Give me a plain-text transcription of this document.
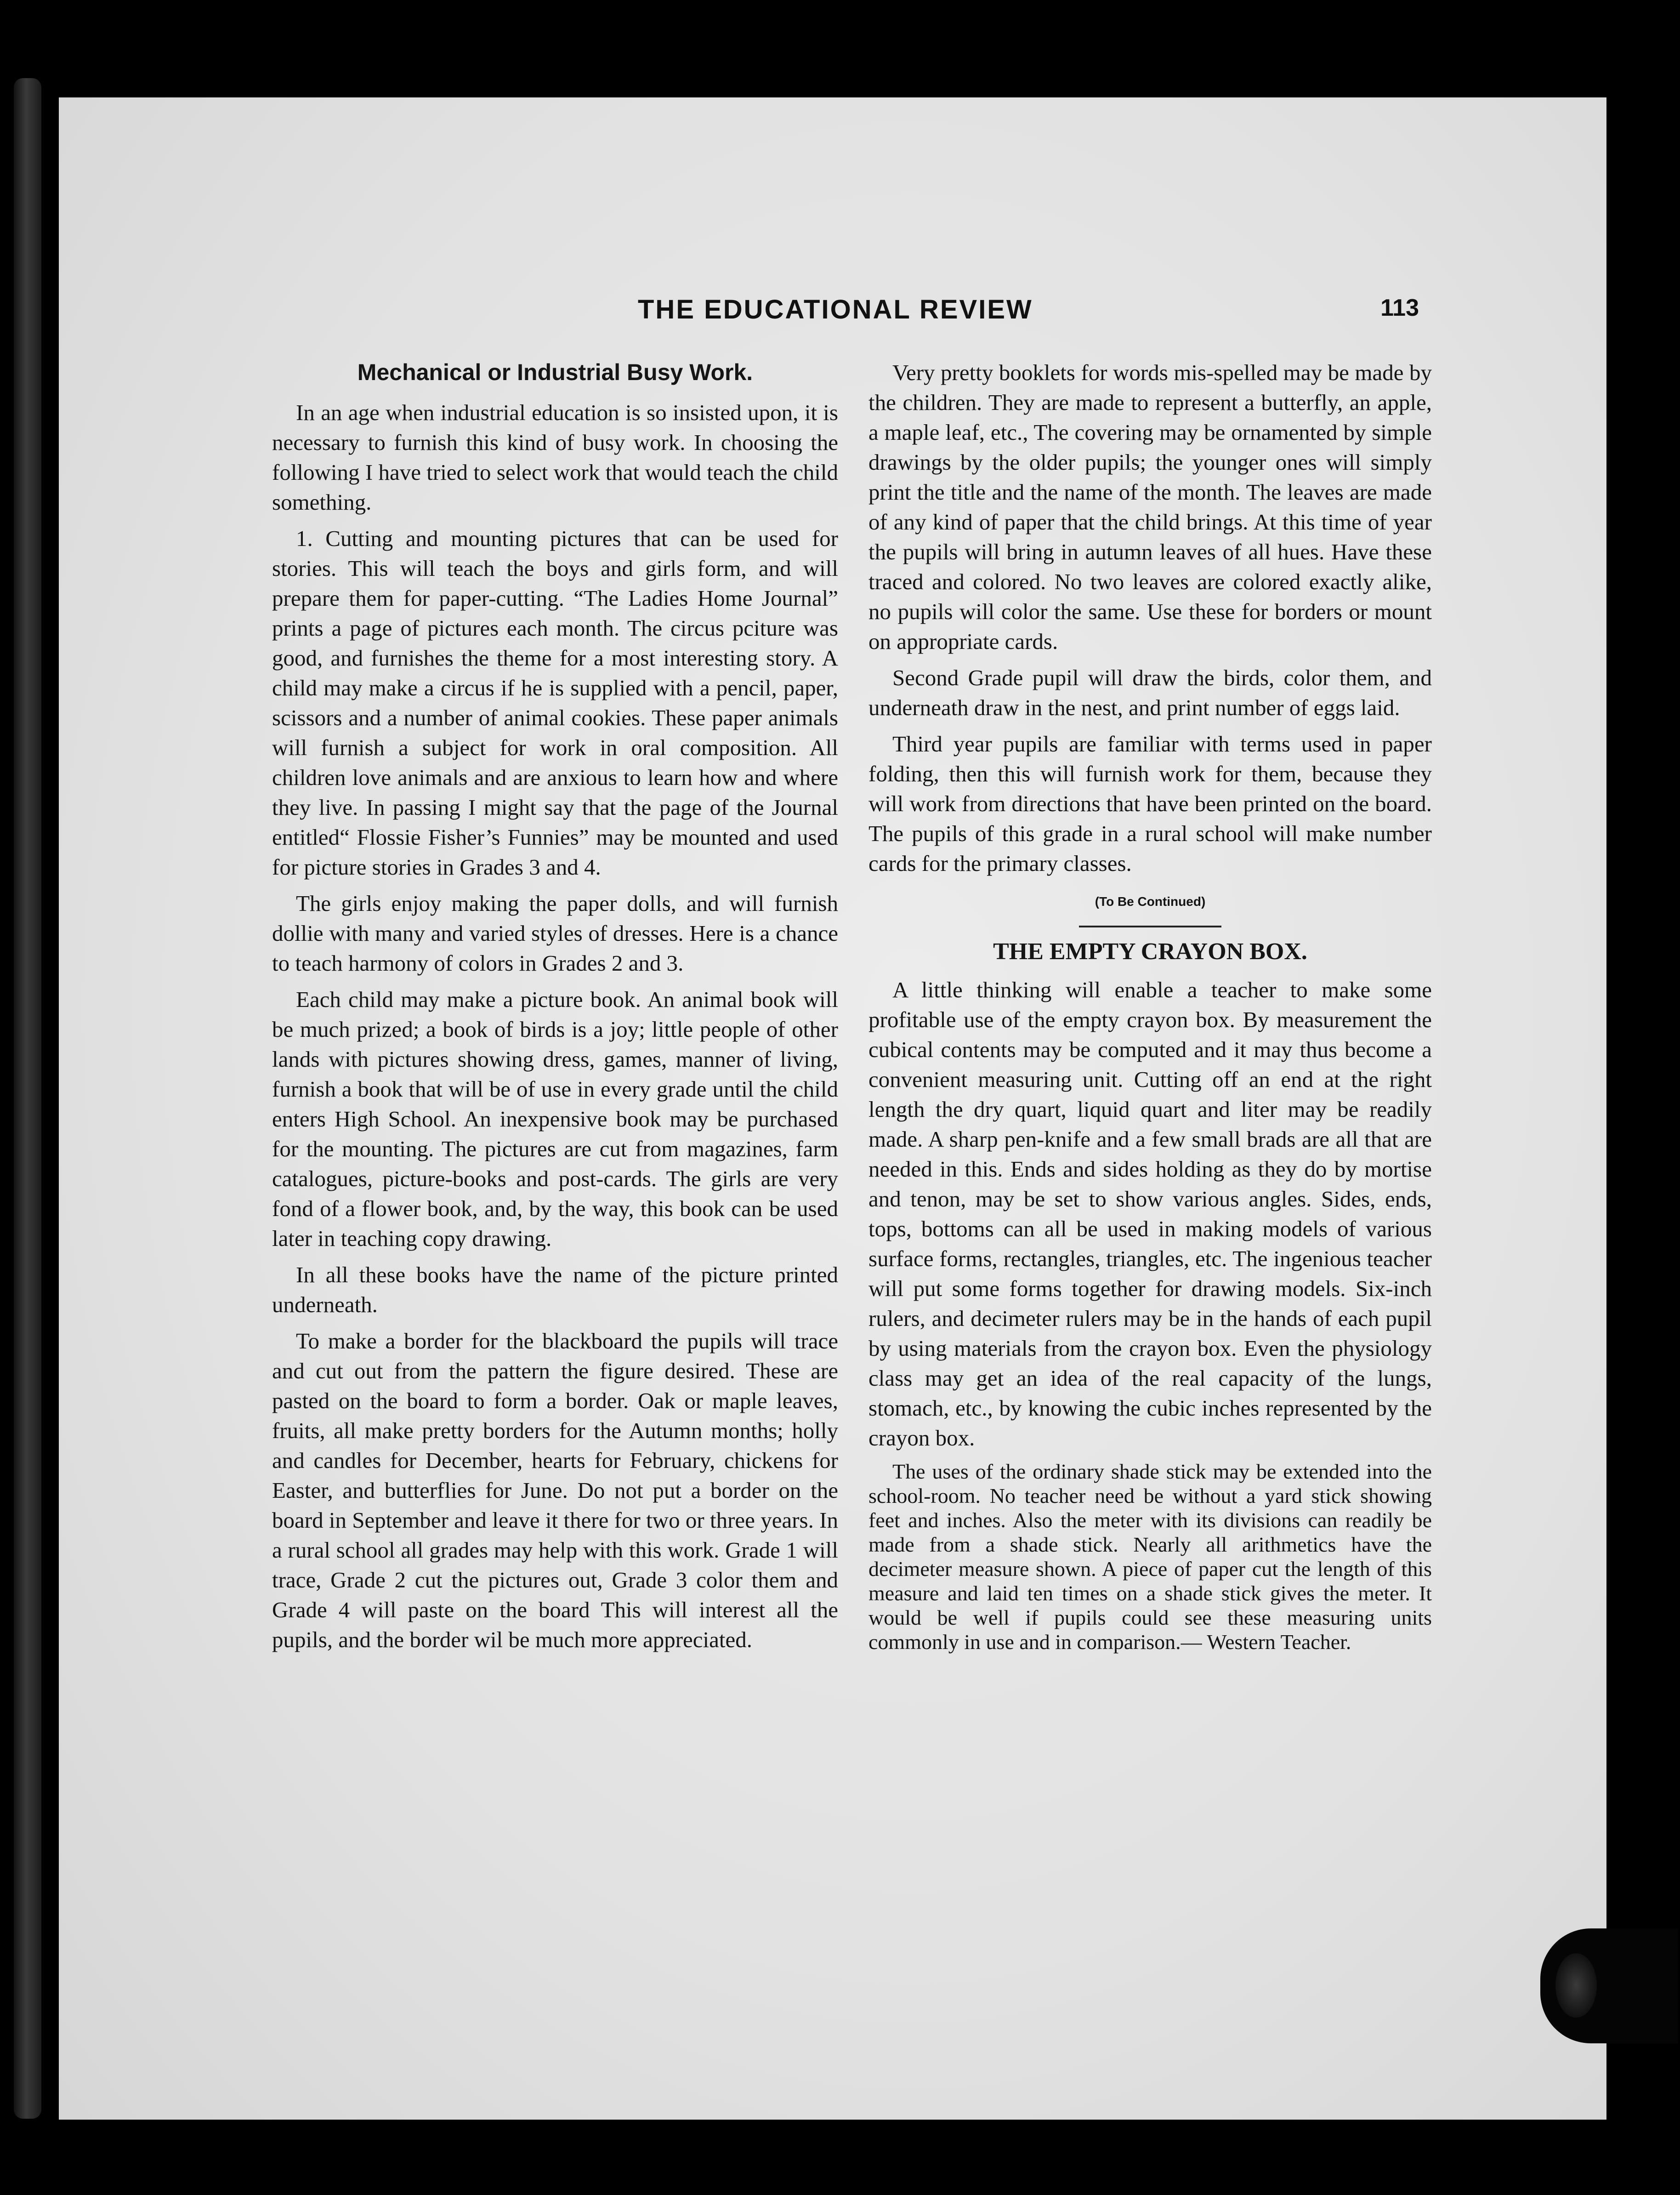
THE EDUCATIONAL REVIEW	113
Mechanical or Industrial Busy Work.

In an age when industrial education is so insisted upon, it is necessary to furnish this kind of busy work. In choosing the following I have tried to select work that would teach the child something.

1. Cutting and mounting pictures that can be used for stories. This will teach the boys and girls form, and will prepare them for paper-cutting. “The Ladies Home Journal” prints a page of pictures each month. The circus pciture was good, and furnishes the theme for a most interesting story. A child may make a circus if he is supplied with a pencil, paper, scissors and a number of animal cookies. These paper animals will furnish a subject for work in oral composition. All children love animals and are anxious to learn how and where they live. In passing I might say that the page of the Journal entitled“ Flossie Fisher’s Funnies” may be mounted and used for picture stories in Grades 3 and 4.

The girls enjoy making the paper dolls, and will furnish dollie with many and varied styles of dresses. Here is a chance to teach harmony of colors in Grades 2 and 3.

Each child may make a picture book. An animal book will be much prized; a book of birds is a joy; little people of other lands with pictures showing dress, games, manner of living, furnish a book that will be of use in every grade until the child enters High School. An inexpensive book may be purchased for the mounting. The pictures are cut from magazines, farm catalogues, picture-books and post-cards. The girls are very fond of a flower book, and, by the way, this book can be used later in teaching copy drawing.

In all these books have the name of the picture printed underneath.

To make a border for the blackboard the pupils will trace and cut out from the pattern the figure desired. These are pasted on the board to form a border. Oak or maple leaves, fruits, all make pretty borders for the Autumn months; holly and candles for December, hearts for February, chickens for Easter, and butterflies for June. Do not put a border on the board in September and leave it there for two or three years. In a rural school all grades may help with this work. Grade 1 will trace, Grade 2 cut the pictures out, Grade 3 color them and Grade 4 will paste on the board This will interest all the pupils, and the border wil be much more appreciated.

Very pretty booklets for words mis-spelled may be made by the children. They are made to represent a butterfly, an apple, a maple leaf, etc., The covering may be ornamented by simple drawings by the older pupils; the younger ones will simply print the title and the name of the month. The leaves are made of any kind of paper that the child brings. At this time of year the pupils will bring in autumn leaves of all hues. Have these traced and colored. No two leaves are colored exactly alike, no pupils will color the same. Use these for borders or mount on appropriate cards.

Second Grade pupil will draw the birds, color them, and underneath draw in the nest, and print number of eggs laid.

Third year pupils are familiar with terms used in paper folding, then this will furnish work for them, because they will work from directions that have been printed on the board. The pupils of this grade in a rural school will make number cards for the primary classes.

(To Be Continued)
THE EMPTY CRAYON BOX.

A little thinking will enable a teacher to make some profitable use of the empty crayon box. By measurement the cubical contents may be computed and it may thus become a convenient measuring unit. Cutting off an end at the right length the dry quart, liquid quart and liter may be readily made. A sharp pen-knife and a few small brads are all that are needed in this. Ends and sides holding as they do by mortise and tenon, may be set to show various angles. Sides, ends, tops, bottoms can all be used in making models of various surface forms, rectangles, triangles, etc. The ingenious teacher will put some forms together for drawing models. Six-inch rulers, and decimeter rulers may be in the hands of each pupil by using materials from the crayon box. Even the physiology class may get an idea of the real capacity of the lungs, stomach, etc., by knowing the cubic inches represented by the crayon box.

The uses of the ordinary shade stick may be extended into the school-room. No teacher need be without a yard stick showing feet and inches. Also the meter with its divisions can readily be made from a shade stick. Nearly all arithmetics have the decimeter measure shown. A piece of paper cut the length of this measure and laid ten times on a shade stick gives the meter. It would be well if pupils could see these measuring units commonly in use and in comparison.— Western Teacher.
